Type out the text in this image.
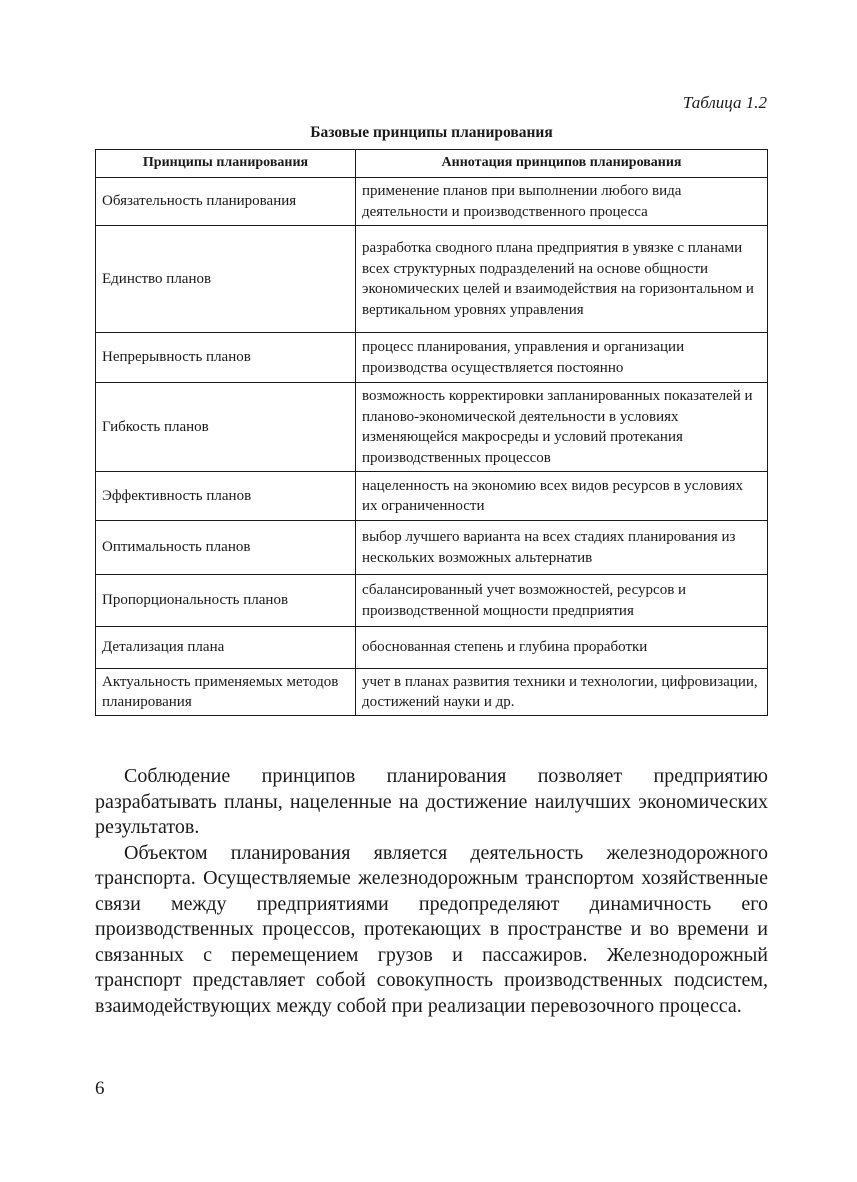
Таблица 1.2
Базовые принципы планирования
Принципы планирования	Аннотация принципов планирования
Обязательность планирования	применение планов при выполнении любого вида деятельности и производственного процесса
Единство планов	разработка сводного плана предприятия в увязке с планами всех структурных подразделений на основе общности экономических целей и взаимодействия на горизонтальном и вертикальном уровнях управления
Непрерывность планов	процесс планирования, управления и организации производства осуществляется постоянно
Гибкость планов	возможность корректировки запланированных показателей и планово-экономической деятельности в условиях изменяющейся макросреды и условий протекания производственных процессов
Эффективность планов	нацеленность на экономию всех видов ресурсов в условиях их ограниченности
Оптимальность планов	выбор лучшего варианта на всех стадиях планирования из нескольких возможных альтернатив
Пропорциональность планов	сбалансированный учет возможностей, ресурсов и производственной мощности предприятия
Детализация плана	обоснованная степень и глубина проработки
Актуальность применяемых методов планирования	учет в планах развития техники и технологии, цифровизации, достижений науки и др.

Соблюдение принципов планирования позволяет предприятию разрабатывать планы, нацеленные на достижение наилучших экономических результатов.

Объектом планирования является деятельность железнодорожного транспорта. Осуществляемые железнодорожным транспортом хозяйственные связи между предприятиями предопределяют динамичность его производственных процессов, протекающих в пространстве и во времени и связанных с перемещением грузов и пассажиров. Железнодорожный транспорт представляет собой совокупность производственных подсистем, взаимодействующих между собой при реализации перевозочного процесса.

6
